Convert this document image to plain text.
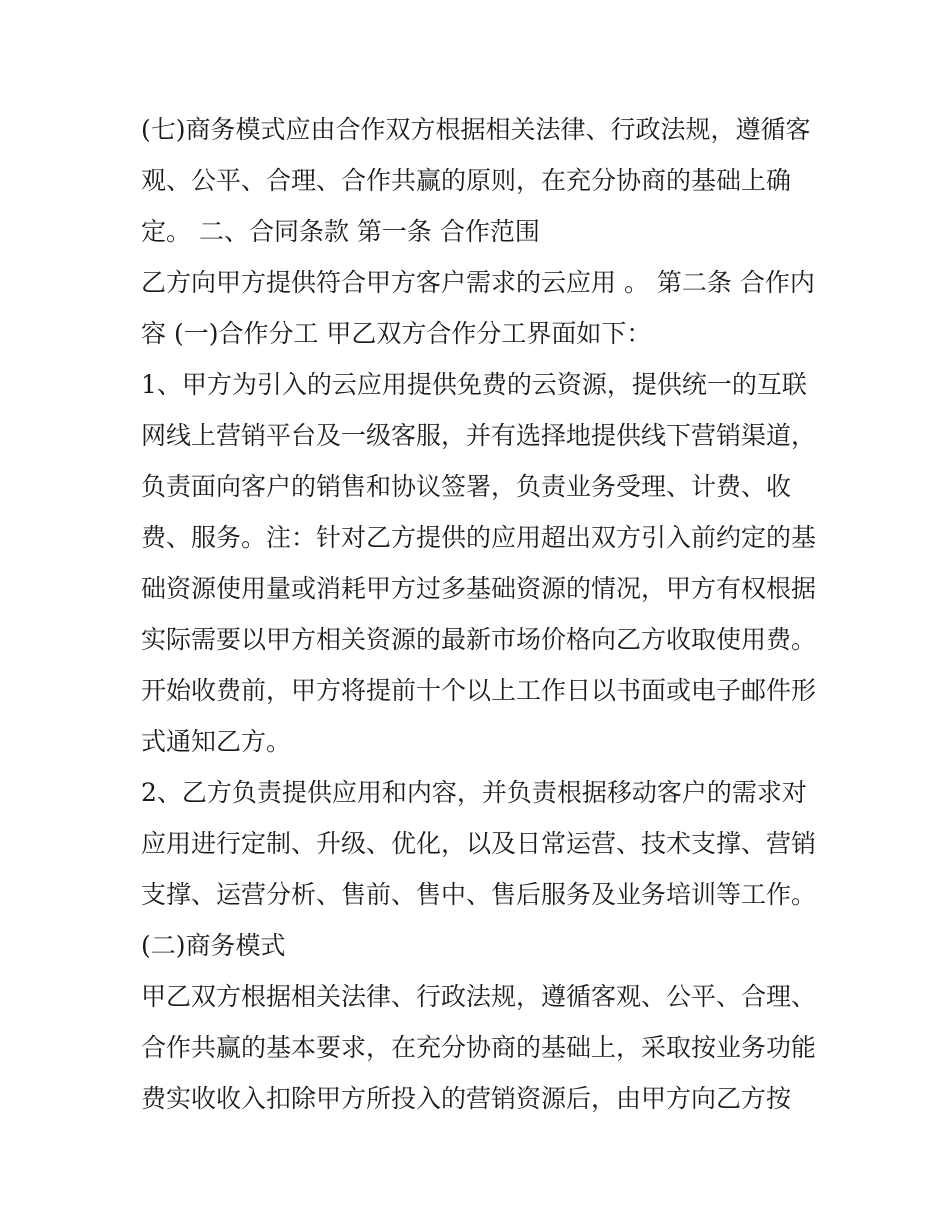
(七)商务模式应由合作双方根据相关法律、行政法规，遵循客
观、公平、合理、合作共赢的原则，在充分协商的基础上确
定。 二、合同条款 第一条 合作范围
乙方向甲方提供符合甲方客户需求的云应用 。 第二条 合作内
容 (一)合作分工 甲乙双方合作分工界面如下：
1、甲方为引入的云应用提供免费的云资源，提供统一的互联
网线上营销平台及一级客服，并有选择地提供线下营销渠道，
负责面向客户的销售和协议签署，负责业务受理、计费、收
费、服务。注：针对乙方提供的应用超出双方引入前约定的基
础资源使用量或消耗甲方过多基础资源的情况，甲方有权根据
实际需要以甲方相关资源的最新市场价格向乙方收取使用费。
开始收费前，甲方将提前十个以上工作日以书面或电子邮件形
式通知乙方。
2、乙方负责提供应用和内容，并负责根据移动客户的需求对
应用进行定制、升级、优化，以及日常运营、技术支撑、营销
支撑、运营分析、售前、售中、售后服务及业务培训等工作。
(二)商务模式
甲乙双方根据相关法律、行政法规，遵循客观、公平、合理、
合作共赢的基本要求，在充分协商的基础上，采取按业务功能
费实收收入扣除甲方所投入的营销资源后，由甲方向乙方按
